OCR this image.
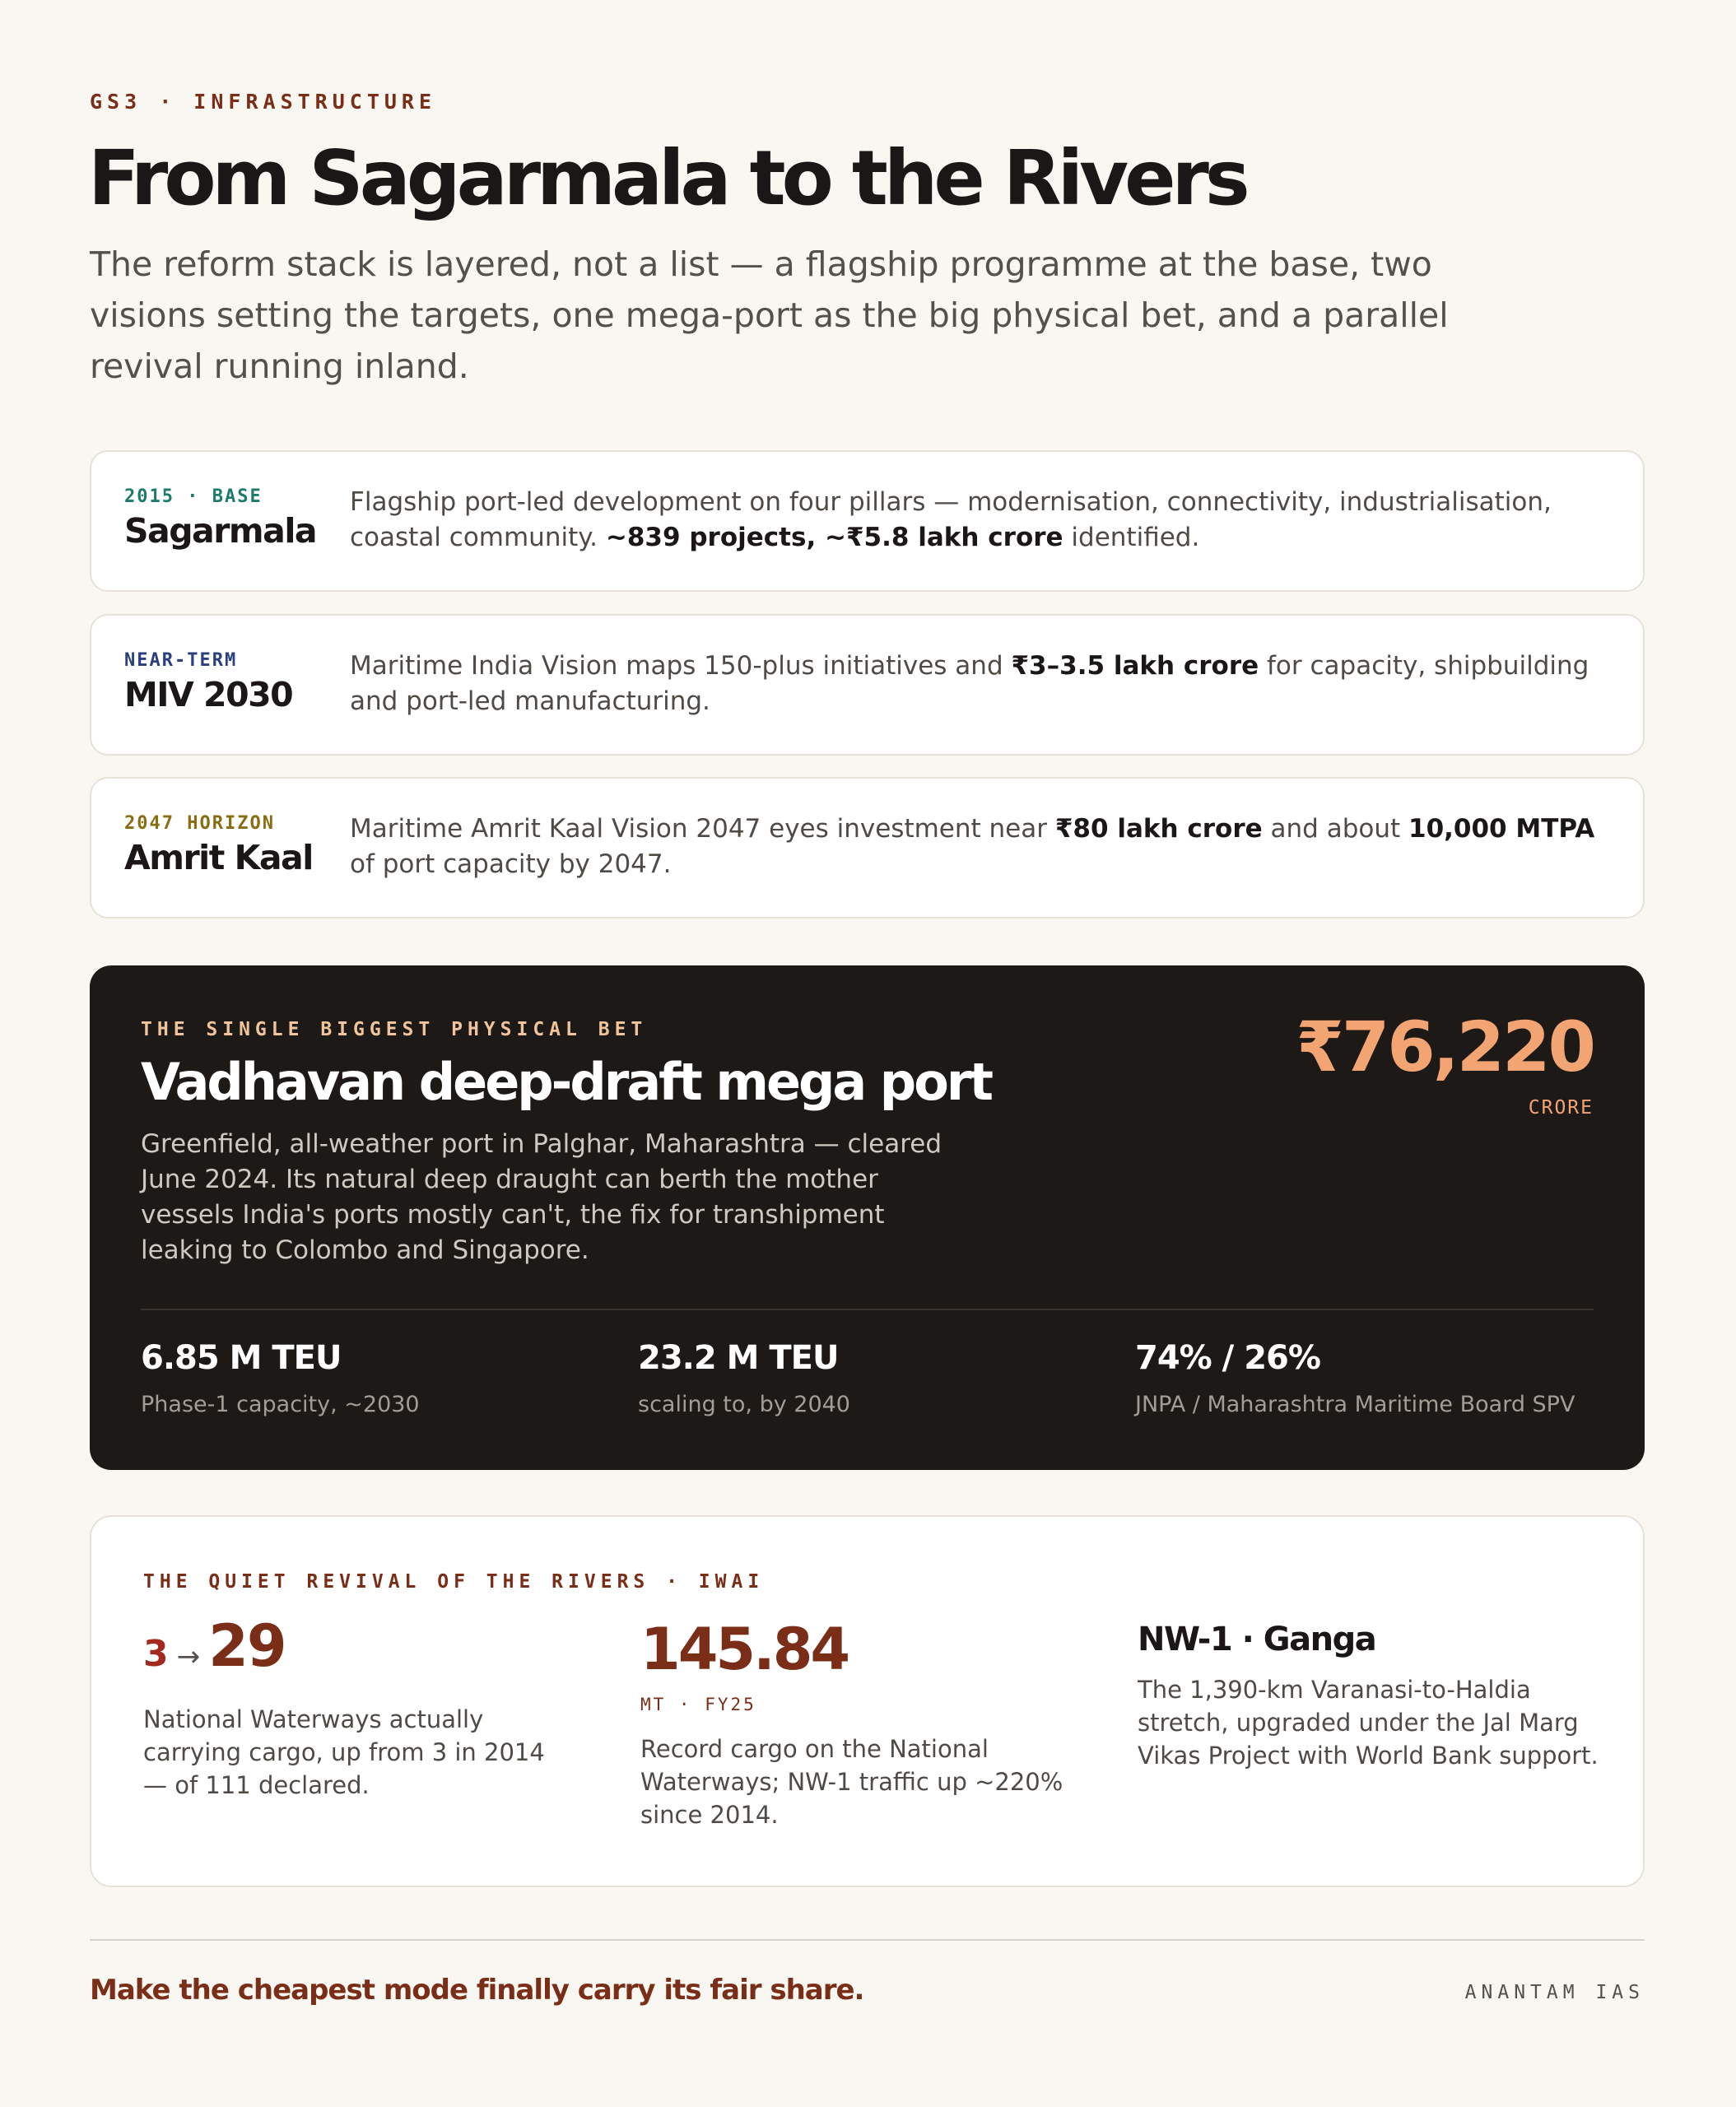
GS3 · INFRASTRUCTURE
From Sagarmala to the Rivers

The reform stack is layered, not a list — a flagship programme at the base, two visions setting the targets, one mega-port as the big physical bet, and a parallel revival running inland.

2015 · BASE
Sagarmala

Flagship port-led development on four pillars — modernisation, connectivity, industrialisation, coastal community. ~839 projects, ~₹5.8 lakh crore identified.

NEAR-TERM
MIV 2030

Maritime India Vision maps 150-plus initiatives and ₹3–3.5 lakh crore for capacity, shipbuilding and port-led manufacturing.

2047 HORIZON
Amrit Kaal

Maritime Amrit Kaal Vision 2047 eyes investment near ₹80 lakh crore and about 10,000 MTPA of port capacity by 2047.

THE SINGLE BIGGEST PHYSICAL BET
Vadhavan deep-draft mega port

Greenfield, all-weather port in Palghar, Maharashtra — cleared June 2024. Its natural deep draught can berth the mother vessels India's ports mostly can't, the fix for transhipment leaking to Colombo and Singapore.

₹76,220
CRORE
6.85 M TEU
Phase-1 capacity, ~2030
23.2 M TEU
scaling to, by 2040
74% / 26%
JNPA / Maharashtra Maritime Board SPV
THE QUIET REVIVAL OF THE RIVERS · IWAI
3 → 29

National Waterways actually carrying cargo, up from 3 in 2014 — of 111 declared.

145.84
MT · FY25

Record cargo on the National Waterways; NW-1 traffic up ~220% since 2014.

NW-1 · Ganga

The 1,390-km Varanasi-to-Haldia stretch, upgraded under the Jal Marg Vikas Project with World Bank support.

Make the cheapest mode finally carry its fair share.	ANANTAM IAS
